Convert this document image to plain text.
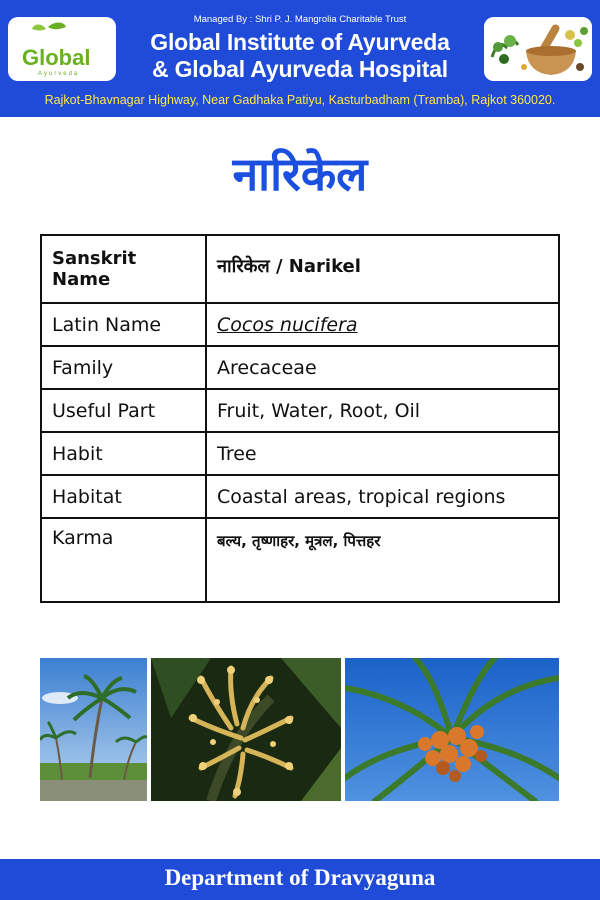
Global
Ayurveda
Managed By : Shri P. J. Mangrolia Charitable Trust
Global Institute of Ayurveda
& Global Ayurveda Hospital
Rajkot-Bhavnagar Highway, Near Gadhaka Patiyu, Kasturbadham (Tramba), Rajkot 360020.
नारिकेल
Sanskrit Name	नारिकेल / Narikel
Latin Name	Cocos nucifera
Family	Arecaceae
Useful Part	Fruit, Water, Root, Oil
Habit	Tree
Habitat	Coastal areas, tropical regions
Karma	बल्य, तृष्णाहर, मूत्रल, पित्तहर
Department of Dravyaguna
